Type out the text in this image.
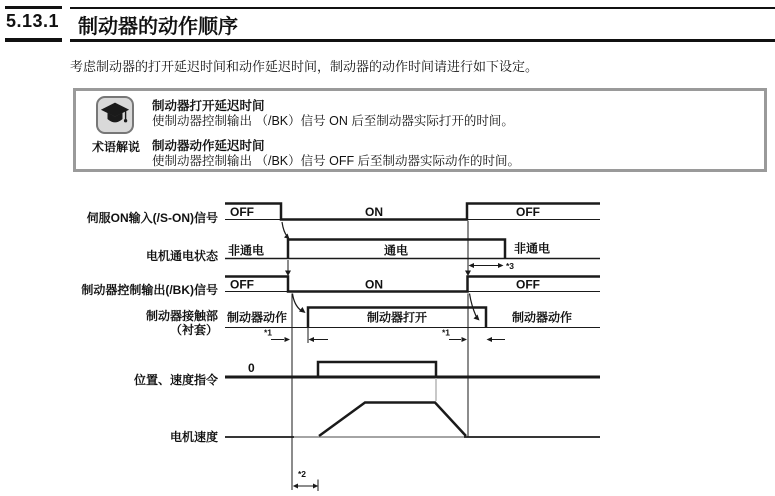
5.13.1 制动器的动作顺序
考虑制动器的打开延迟时间和动作延迟时间，制动器的动作时间请进行如下设定。
术语解说
制动器打开延迟时间
使制动器控制输出 （/BK）信号 ON 后至制动器实际打开的时间。
制动器动作延迟时间
使制动器控制输出 （/BK）信号 OFF 后至制动器实际动作的时间。
伺服ON输入(/S-ON)信号
电机通电状态
制动器控制输出(/BK)信号
制动器接触部
（衬套）
位置、速度指令
电机速度
OFF	ON	OFF
非通电	通电	非通电
*3
OFF	ON	OFF
制动器动作	制动器打开	制动器动作
*1	*1
0
*2
